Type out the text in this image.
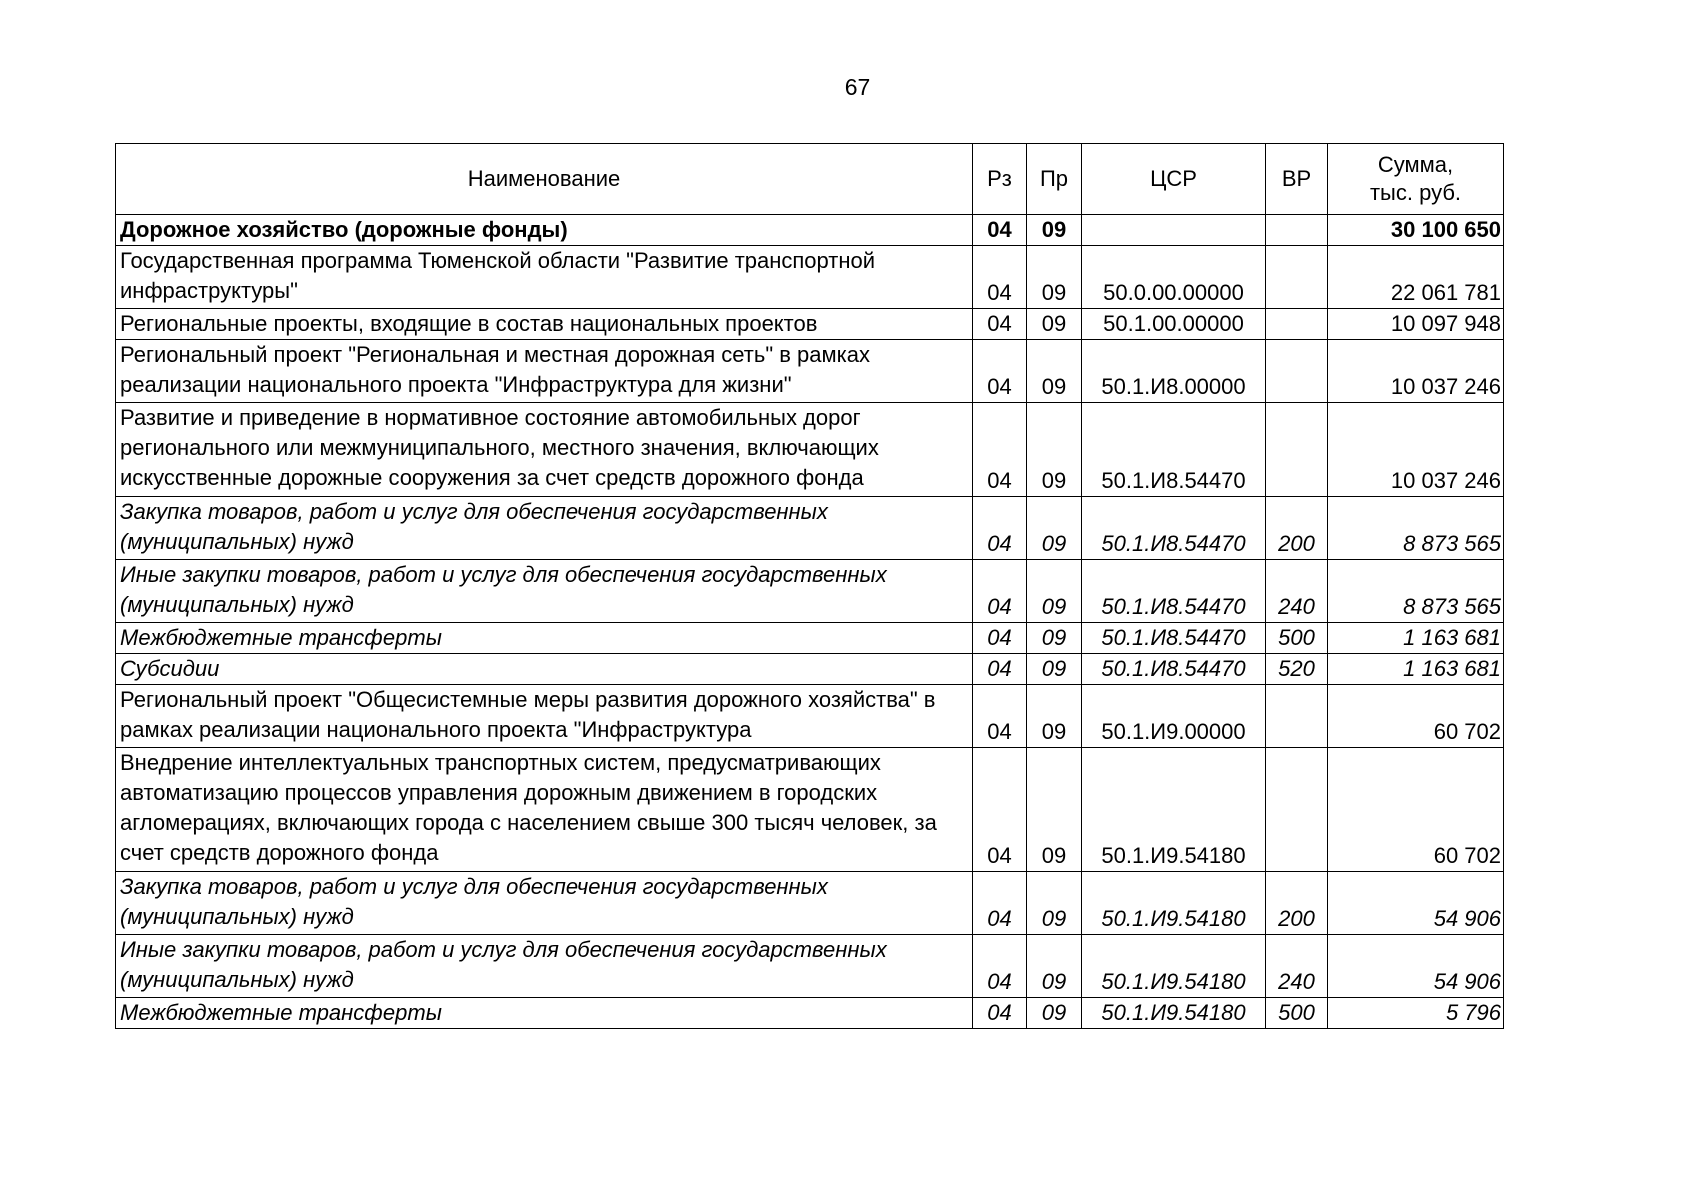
67
Наименование	Рз	Пр	ЦСР	ВР	Сумма,
тыс. руб.
Дорожное хозяйство (дорожные фонды)	04	09			30 100 650
Государственная программа Тюменской области "Развитие транспортной инфраструктуры"	04	09	50.0.00.00000		22 061 781
Региональные проекты, входящие в состав национальных проектов	04	09	50.1.00.00000		10 097 948
Региональный проект "Региональная и местная дорожная сеть" в рамках реализации национального проекта "Инфраструктура для жизни"	04	09	50.1.И8.00000		10 037 246
Развитие и приведение в нормативное состояние автомобильных дорог регионального или межмуниципального, местного значения, включающих искусственные дорожные сооружения за счет средств дорожного фонда	04	09	50.1.И8.54470		10 037 246
Закупка товаров, работ и услуг для обеспечения государственных (муниципальных) нужд	04	09	50.1.И8.54470	200	8 873 565
Иные закупки товаров, работ и услуг для обеспечения государственных (муниципальных) нужд	04	09	50.1.И8.54470	240	8 873 565
Межбюджетные трансферты	04	09	50.1.И8.54470	500	1 163 681
Субсидии	04	09	50.1.И8.54470	520	1 163 681
Региональный проект "Общесистемные меры развития дорожного хозяйства" в рамках реализации национального проекта "Инфраструктура	04	09	50.1.И9.00000		60 702
Внедрение интеллектуальных транспортных систем, предусматривающих автоматизацию процессов управления дорожным движением в городских агломерациях, включающих города с населением свыше 300 тысяч человек, за счет средств дорожного фонда	04	09	50.1.И9.54180		60 702
Закупка товаров, работ и услуг для обеспечения государственных (муниципальных) нужд	04	09	50.1.И9.54180	200	54 906
Иные закупки товаров, работ и услуг для обеспечения государственных (муниципальных) нужд	04	09	50.1.И9.54180	240	54 906
Межбюджетные трансферты	04	09	50.1.И9.54180	500	5 796
